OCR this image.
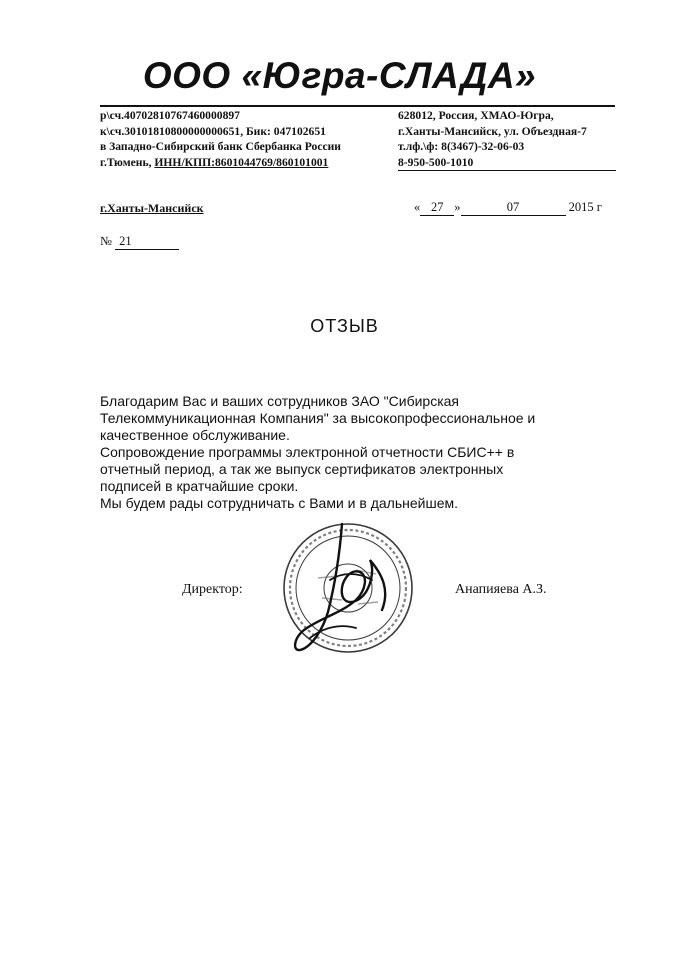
ООО «Югра-СЛАДА»
р\сч.40702810767460000897
к\сч.30101810800000000651, Бик: 047102651
в Западно-Сибирский банк Сбербанка России
г.Тюмень, ИНН/КПП:8601044769/860101001
628012, Россия, ХМАО-Югра,
г.Ханты-Мансийск, ул. Объездная-7
т.лф.\ф: 8(3467)-32-06-03
8-950-500-1010
г.Ханты-Мансийск	« 27 »	07	2015 г
№ 21
ОТЗЫВ
Благодарим Вас и ваших сотрудников ЗАО "Сибирская
Телекоммуникационная Компания" за высокопрофессиональное и
качественное обслуживание.
Сопровождение программы электронной отчетности СБИС++ в
отчетный период, а так же выпуск сертификатов электронных
подписей в кратчайшие сроки.
Мы будем рады сотрудничать с Вами и в дальнейшем.
Директор:	Анапияева А.З.
